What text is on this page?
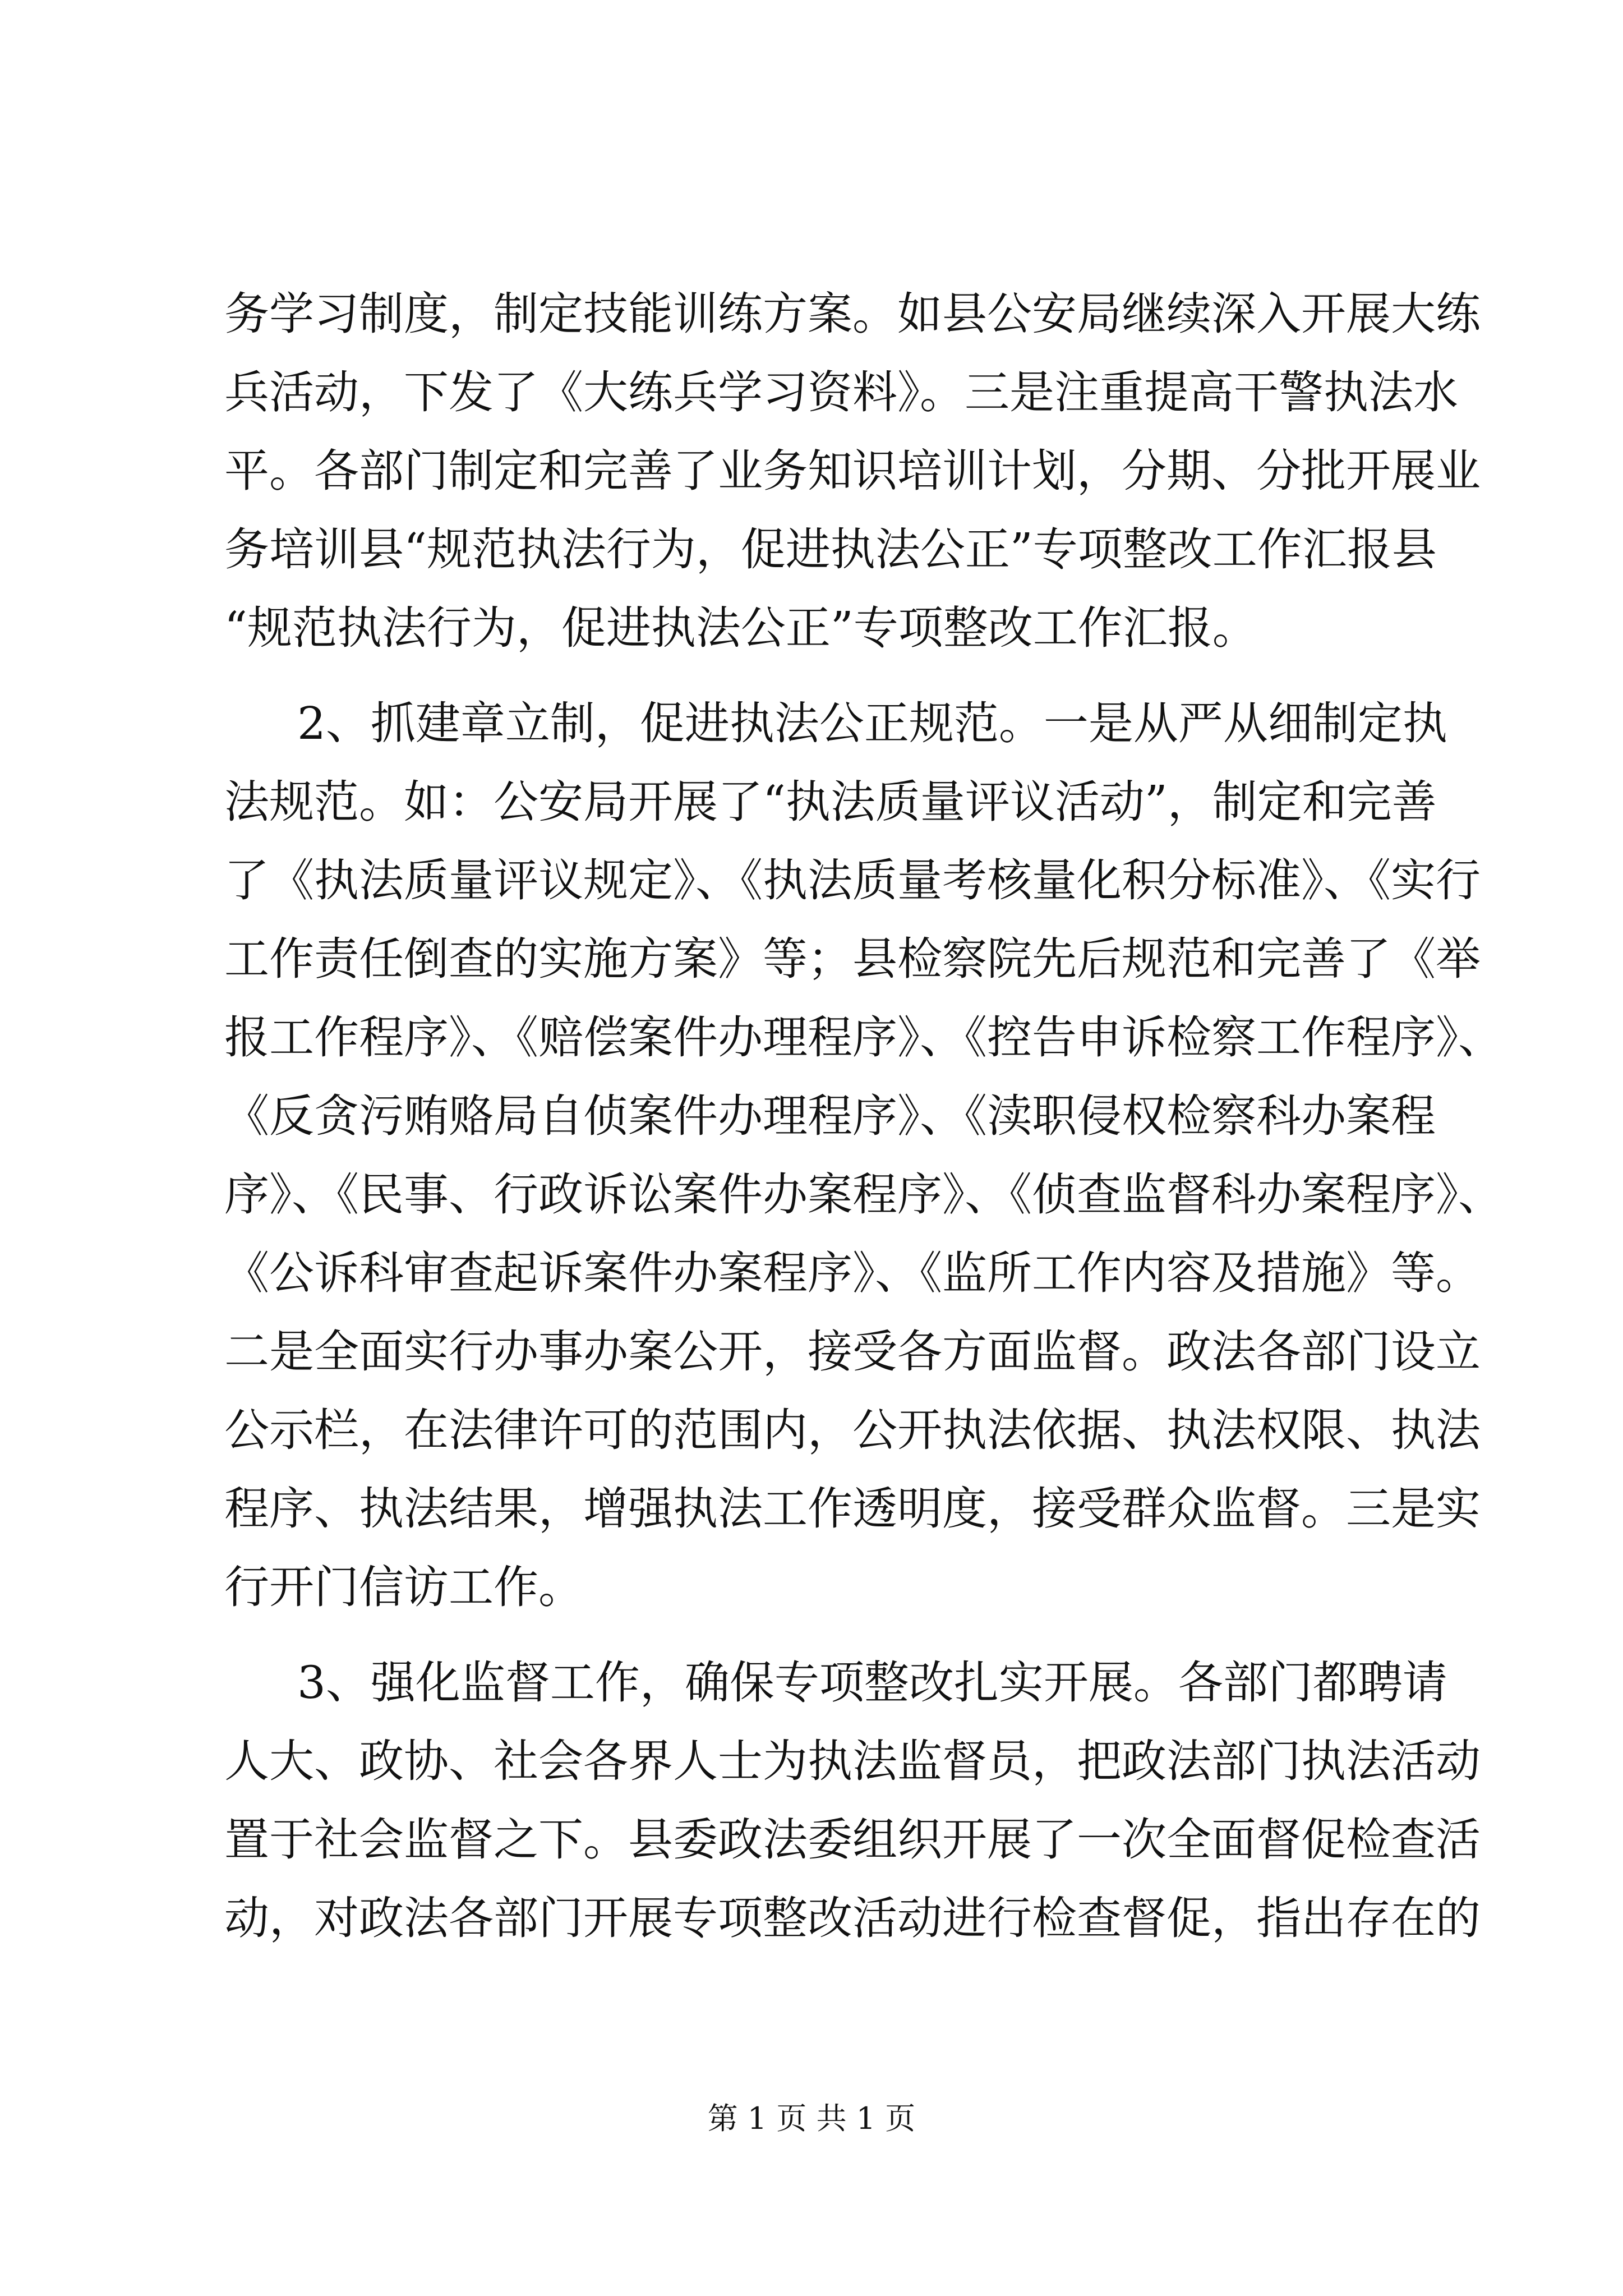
务学习制度，制定技能训练方案。如县公安局继续深入开展大练
兵活动，下发了《大练兵学习资料》。三是注重提高干警执法水
平。各部门制定和完善了业务知识培训计划，分期、分批开展业
务培训县“规范执法行为，促进执法公正”专项整改工作汇报县
“规范执法行为，促进执法公正”专项整改工作汇报。
2、抓建章立制，促进执法公正规范。一是从严从细制定执
法规范。如：公安局开展了“执法质量评议活动”，制定和完善
了《执法质量评议规定》、《执法质量考核量化积分标准》、《实行
工作责任倒查的实施方案》等；县检察院先后规范和完善了《举
报工作程序》、《赔偿案件办理程序》、《控告申诉检察工作程序》、
《反贪污贿赂局自侦案件办理程序》、《渎职侵权检察科办案程
序》、《民事、行政诉讼案件办案程序》、《侦查监督科办案程序》、
《公诉科审查起诉案件办案程序》、《监所工作内容及措施》等。
二是全面实行办事办案公开，接受各方面监督。政法各部门设立
公示栏，在法律许可的范围内，公开执法依据、执法权限、执法
程序、执法结果，增强执法工作透明度，接受群众监督。三是实
行开门信访工作。
3、强化监督工作，确保专项整改扎实开展。各部门都聘请
人大、政协、社会各界人士为执法监督员，把政法部门执法活动
置于社会监督之下。县委政法委组织开展了一次全面督促检查活
动，对政法各部门开展专项整改活动进行检查督促，指出存在的
第 1 页 共 1 页
